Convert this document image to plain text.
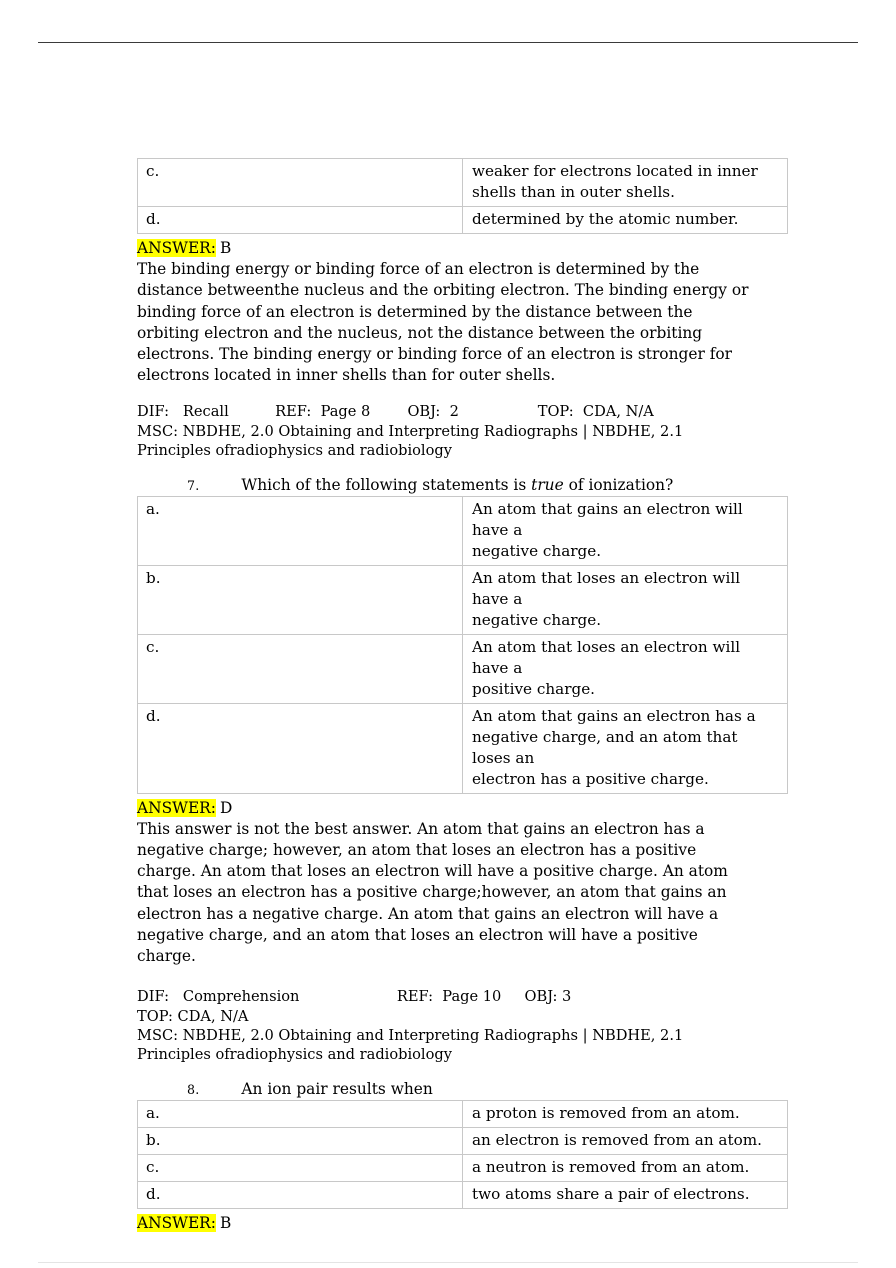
c.	weaker for electrons located in inner
shells than in outer shells.

d.	determined by the atomic number.

ANSWER: B

The binding energy or binding force of an electron is determined by the distance betweenthe nucleus and the orbiting electron. The binding energy or binding force of an electron is determined by the distance between the orbiting electron and the nucleus, not the distance between the orbiting electrons. The binding energy or binding force of an electron is stronger for electrons located in inner shells than for outer shells.

DIF:   Recall          REF:  Page 8        OBJ:  2                 TOP:  CDA, N/A

MSC: NBDHE, 2.0 Obtaining and Interpreting Radiographs | NBDHE, 2.1 Principles ofradiophysics and radiobiology

7.	Which of the following statements is true of ionization?

a.	An atom that gains an electron will
have a
negative charge.

b.	An atom that loses an electron will
have a
negative charge.

c.	An atom that loses an electron will
have a
positive charge.

d.	An atom that gains an electron has a
negative charge, and an atom that
loses an
electron has a positive charge.

ANSWER: D

This answer is not the best answer. An atom that gains an electron has a negative charge; however, an atom that loses an electron has a positive charge. An atom that loses an electron will have a positive charge. An atom that loses an electron has a positive charge;however, an atom that gains an electron has a negative charge. An atom that gains an electron will have a negative charge, and an atom that loses an electron will have a positive charge.

DIF:   Comprehension                     REF:  Page 10     OBJ: 3

TOP: CDA, N/A

MSC: NBDHE, 2.0 Obtaining and Interpreting Radiographs | NBDHE, 2.1 Principles ofradiophysics and radiobiology

8.	An ion pair results when

a.	a proton is removed from an atom.
b.	an electron is removed from an atom.
c.	a neutron is removed from an atom.
d.	two atoms share a pair of electrons.

ANSWER: B
